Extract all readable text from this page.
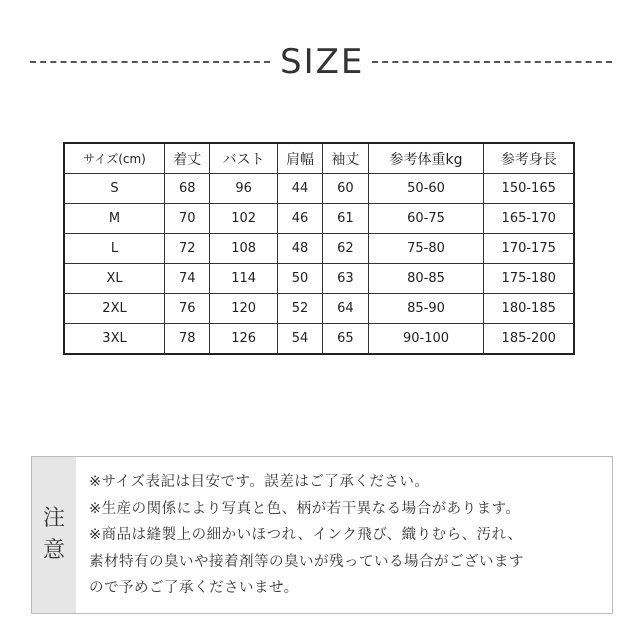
SIZE
サイズ(cm)	着丈	バスト	肩幅	袖丈	参考体重kg	参考身長
S	68	96	44	60	50-60	150-165
M	70	102	46	61	60-75	165-170
L	72	108	48	62	75-80	170-175
XL	74	114	50	63	80-85	175-180
2XL	76	120	52	64	85-90	180-185
3XL	78	126	54	65	90-100	185-200
注
意
※サイズ表記は目安です。誤差はご了承ください。
※生産の関係により写真と色、柄が若干異なる場合があります。
※商品は縫製上の細かいほつれ、インク飛び、織りむら、汚れ、
素材特有の臭いや接着剤等の臭いが残っている場合がございます
ので予めご了承くださいませ。
